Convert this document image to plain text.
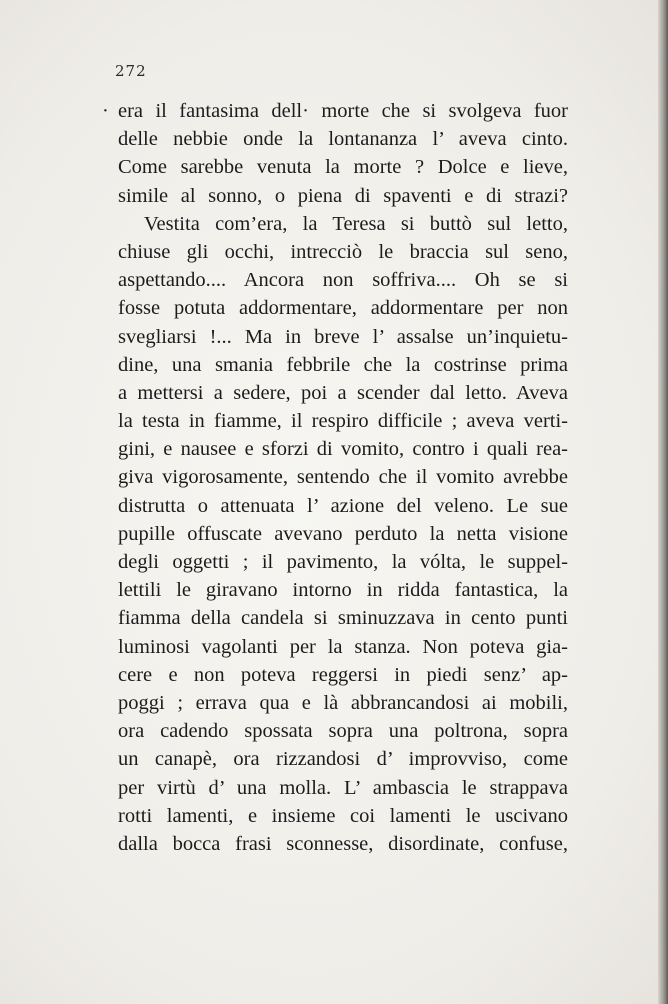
272
· era il fantasima dell· morte che si svolgeva fuor
delle nebbie onde la lontananza l’ aveva cinto.
Come sarebbe venuta la morte ? Dolce e lieve,
simile al sonno, o piena di spaventi e di strazi?
Vestita com’era, la Teresa si buttò sul letto,
chiuse gli occhi, intrecciò le braccia sul seno,
aspettando.... Ancora non soffriva.... Oh se si
fosse potuta addormentare, addormentare per non
svegliarsi !... Ma in breve l’ assalse un’inquietu-
dine, una smania febbrile che la costrinse prima
a mettersi a sedere, poi a scender dal letto. Aveva
la testa in fiamme, il respiro difficile ; aveva verti-
gini, e nausee e sforzi di vomito, contro i quali rea-
giva vigorosamente, sentendo che il vomito avrebbe
distrutta o attenuata l’ azione del veleno. Le sue
pupille offuscate avevano perduto la netta visione
degli oggetti ; il pavimento, la vólta, le suppel-
lettili le giravano intorno in ridda fantastica, la
fiamma della candela si sminuzzava in cento punti
luminosi vagolanti per la stanza. Non poteva gia-
cere e non poteva reggersi in piedi senz’ ap-
poggi ; errava qua e là abbrancandosi ai mobili,
ora cadendo spossata sopra una poltrona, sopra
un canapè, ora rizzandosi d’ improvviso, come
per virtù d’ una molla. L’ ambascia le strappava
rotti lamenti, e insieme coi lamenti le uscivano
dalla bocca frasi sconnesse, disordinate, confuse,
